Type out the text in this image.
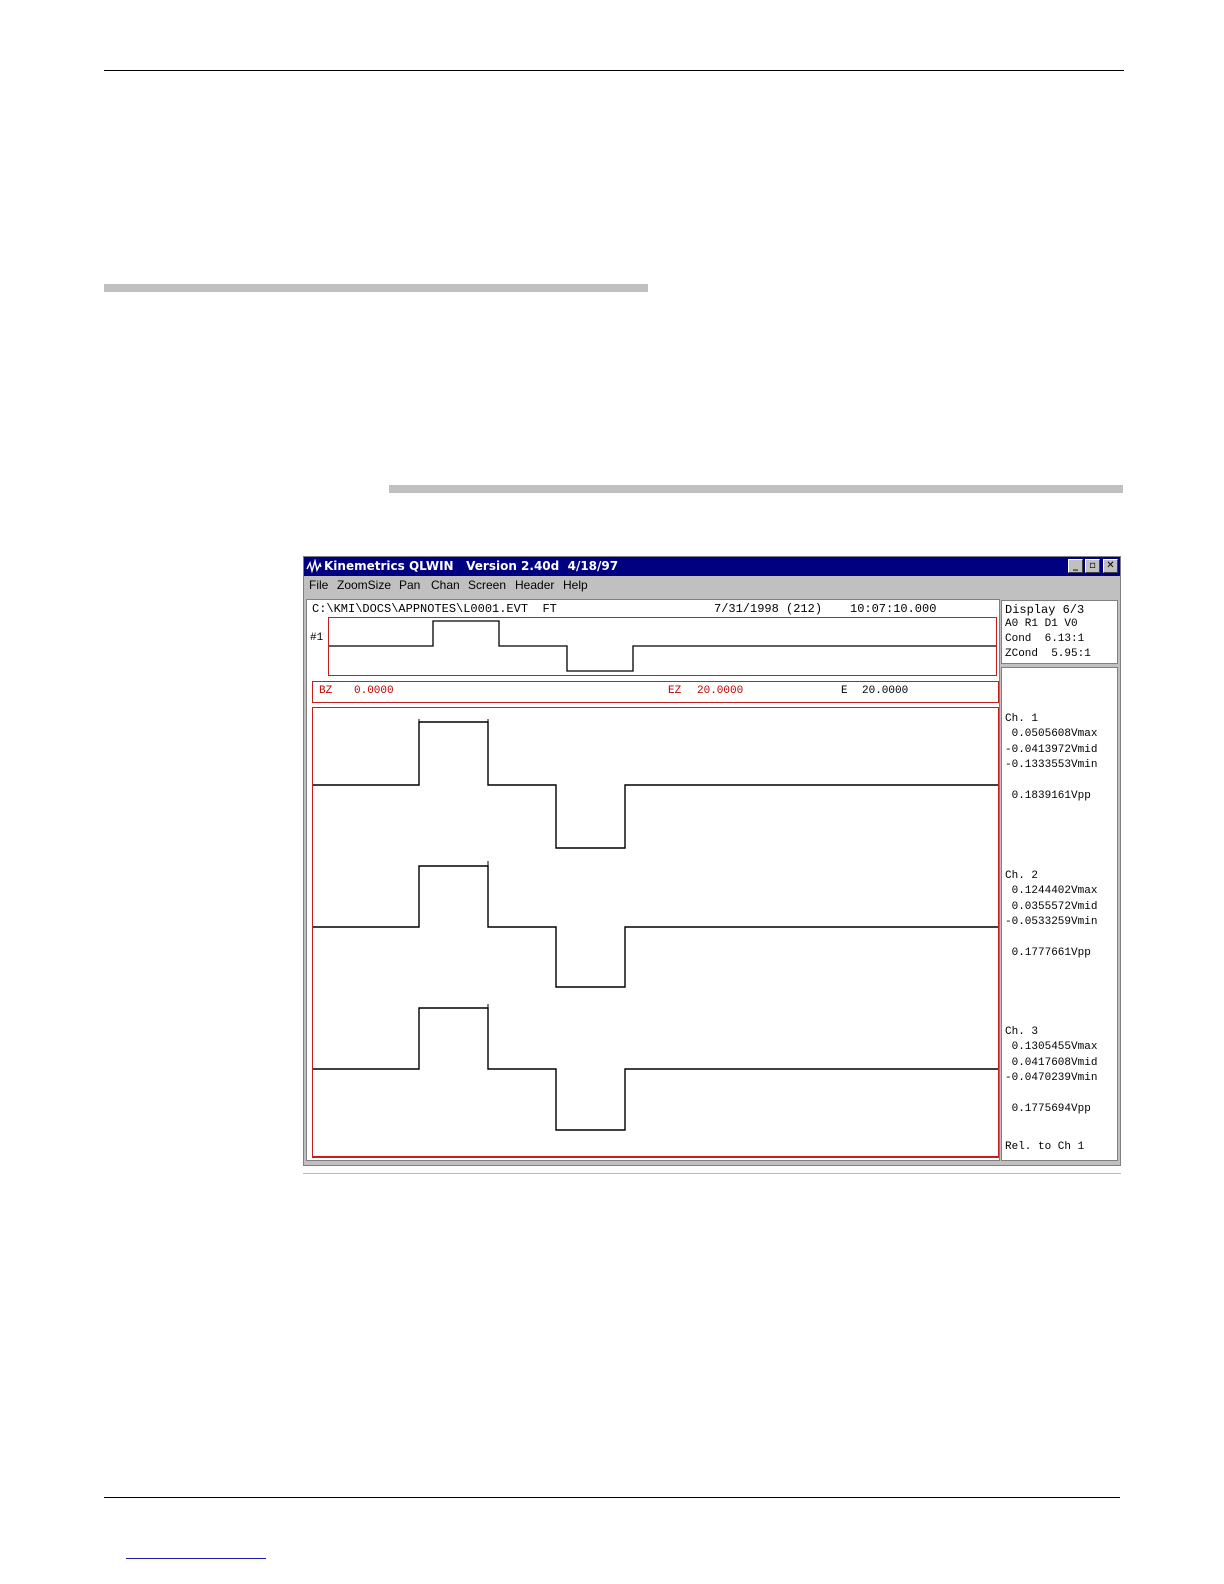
Kinemetrics QLWIN   Version 2.40d  4/18/97	_	▫	✕
File ZoomSize Pan Chan Screen Header Help
C:\KMI\DOCS\APPNOTES\L0001.EVT  FT	7/31/1998 (212) 10:07:10.000
#1
BZ 0.0000	EZ 20.0000	E 20.0000
Display 6/3
A0 R1 D1 V0
Cond  6.13:1
ZCond  5.95:1
Ch. 1
0.0505608Vmax
-0.0413972Vmid
-0.1333553Vmin
0.1839161Vpp
Ch. 2
0.1244402Vmax
0.0355572Vmid
-0.0533259Vmin
0.1777661Vpp
Ch. 3
0.1305455Vmax
0.0417608Vmid
-0.0470239Vmin
0.1775694Vpp
Rel. to Ch 1
